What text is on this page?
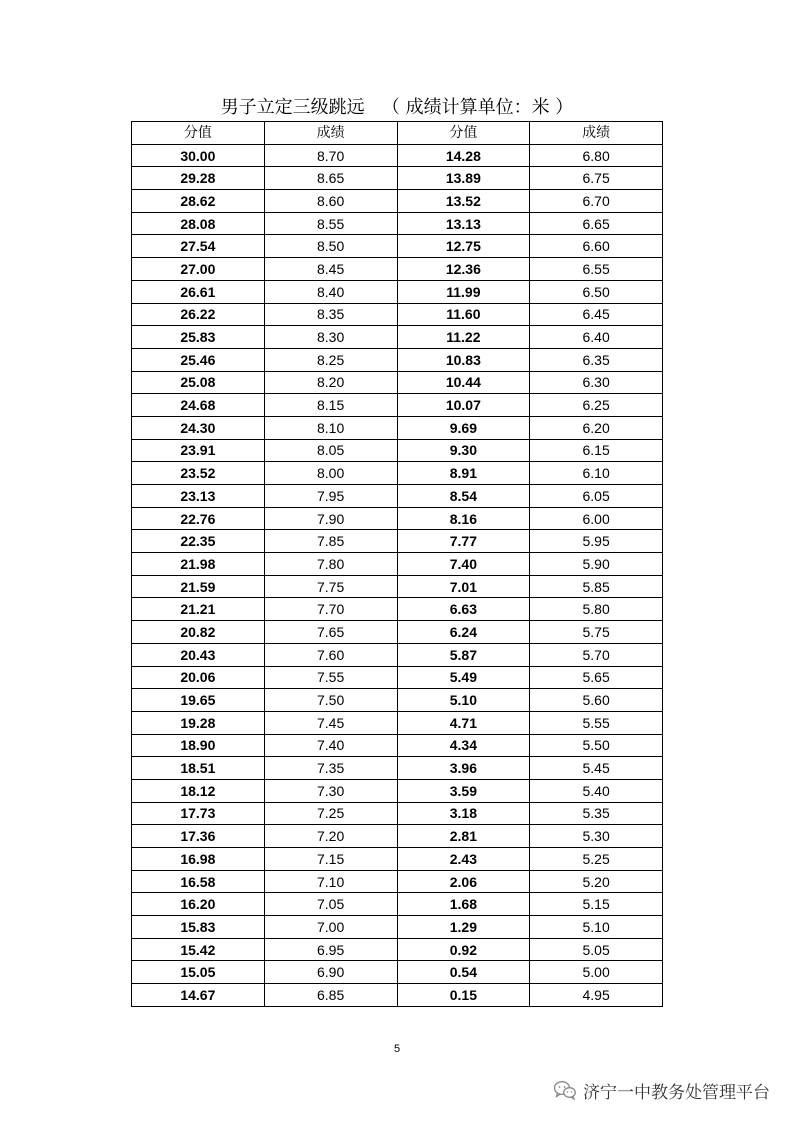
男子立定三级跳远   （ 成绩计算单位：米 ）
分值	成绩	分值	成绩
30.00	8.70	14.28	6.80
29.28	8.65	13.89	6.75
28.62	8.60	13.52	6.70
28.08	8.55	13.13	6.65
27.54	8.50	12.75	6.60
27.00	8.45	12.36	6.55
26.61	8.40	11.99	6.50
26.22	8.35	11.60	6.45
25.83	8.30	11.22	6.40
25.46	8.25	10.83	6.35
25.08	8.20	10.44	6.30
24.68	8.15	10.07	6.25
24.30	8.10	9.69	6.20
23.91	8.05	9.30	6.15
23.52	8.00	8.91	6.10
23.13	7.95	8.54	6.05
22.76	7.90	8.16	6.00
22.35	7.85	7.77	5.95
21.98	7.80	7.40	5.90
21.59	7.75	7.01	5.85
21.21	7.70	6.63	5.80
20.82	7.65	6.24	5.75
20.43	7.60	5.87	5.70
20.06	7.55	5.49	5.65
19.65	7.50	5.10	5.60
19.28	7.45	4.71	5.55
18.90	7.40	4.34	5.50
18.51	7.35	3.96	5.45
18.12	7.30	3.59	5.40
17.73	7.25	3.18	5.35
17.36	7.20	2.81	5.30
16.98	7.15	2.43	5.25
16.58	7.10	2.06	5.20
16.20	7.05	1.68	5.15
15.83	7.00	1.29	5.10
15.42	6.95	0.92	5.05
15.05	6.90	0.54	5.00
14.67	6.85	0.15	4.95
5
济宁一中教务处管理平台
